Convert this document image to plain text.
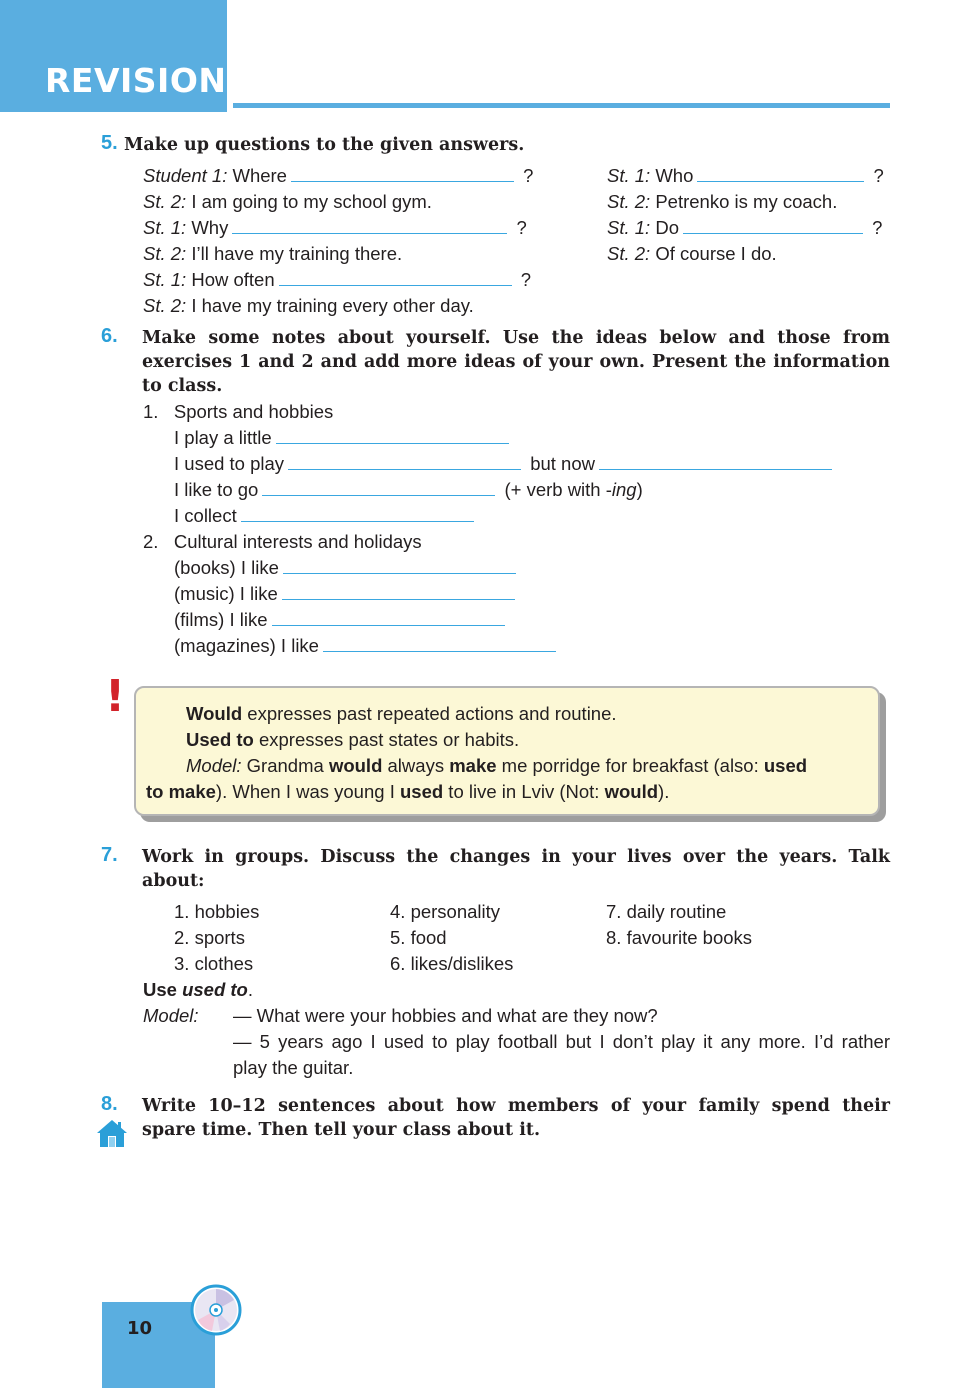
REVISION
5. Make up questions to the given answers.
Student 1: Where	?
St. 2: I am going to my school gym.
St. 1: Why	?
St. 2: I’ll have my training there.
St. 1: How often	?
St. 2: I have my training every other day.
St. 1: Who	?
St. 2: Petrenko is my coach.
St. 1: Do	?
St. 2: Of course I do.
6. Make some notes about yourself. Use the ideas below and those from
exercises 1 and 2 and add more ideas of your own. Present the information
to class.
1. Sports and hobbies
I play a little
I used to play	but now
I like to go	(+ verb with -ing)
I collect
2. Cultural interests and holidays
(books) I like
(music) I like
(films) I like
(magazines) I like
!	Would expresses past repeated actions and routine.

Used to expresses past states or habits.

Model: Grandma would always make me porridge for breakfast (also: used

to make). When I was young I used to live in Lviv (Not: would).

7. Work in groups. Discuss the changes in your lives over the years. Talk
about:
1. hobbies
2. sports
3. clothes
4. personality
5. food
6. likes/dislikes
7. daily routine
8. favourite books
Use used to.
Model: — What were your hobbies and what are they now?
— 5 years ago I used to play football but I don’t play it any more. I’d rather
play the guitar.
8. Write 10–12 sentences about how members of your family spend their
spare time. Then tell your class about it.
10
